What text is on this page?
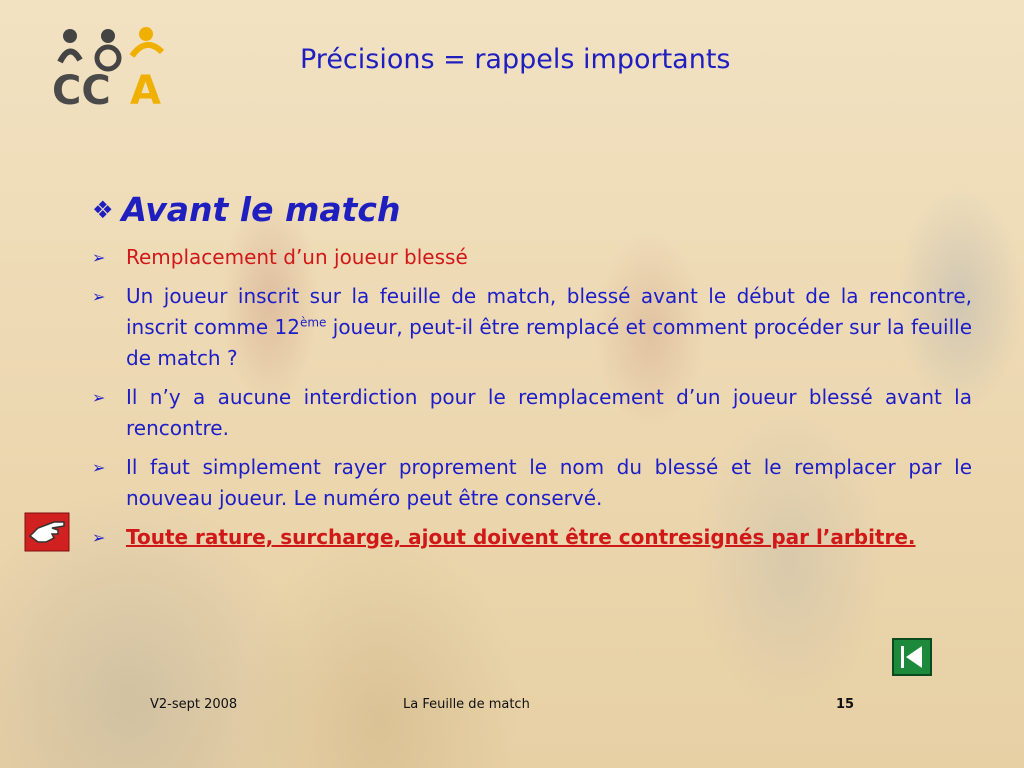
CC A
Précisions = rappels importants
❖ Avant le match
➢ Remplacement d’un joueur blessé
➢ Un joueur inscrit sur la feuille de match, blessé avant le début de la rencontre, inscrit comme 12ème joueur, peut-il être remplacé et comment procéder sur la feuille de match ?
➢ Il n’y a aucune interdiction pour le remplacement d’un joueur blessé avant la rencontre.
➢ Il faut simplement rayer proprement le nom du blessé et le remplacer par le nouveau joueur. Le numéro peut être conservé.
➢ Toute rature, surcharge, ajout doivent être contresignés par l’arbitre.
V2-sept 2008	La Feuille de match	15
